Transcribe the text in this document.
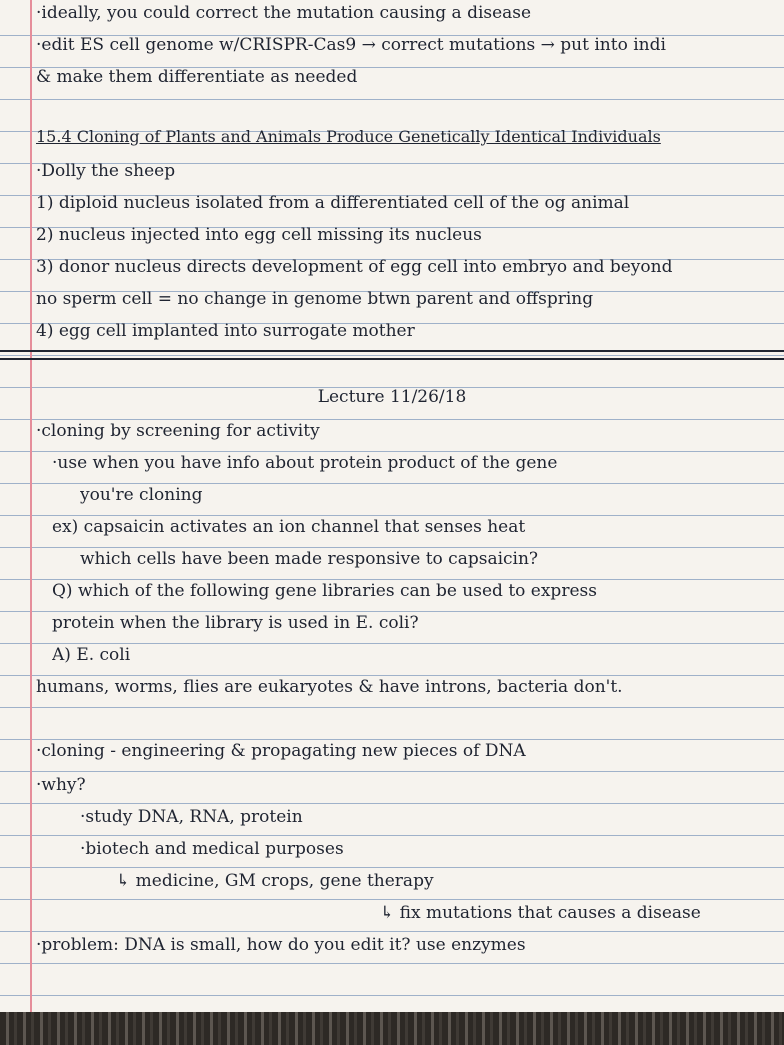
·ideally, you could correct the mutation causing a disease
·edit ES cell genome w/CRISPR-Cas9 → correct mutations → put into indi
& make them differentiate as needed
15.4 Cloning of Plants and Animals Produce Genetically Identical Individuals
·Dolly the sheep
1) diploid nucleus isolated from a differentiated cell of the og animal
2) nucleus injected into egg cell missing its nucleus
3) donor nucleus directs development of egg cell into embryo and beyond
no sperm cell = no change in genome btwn parent and offspring
4) egg cell implanted into surrogate mother
Lecture 11/26/18
·cloning by screening for activity
·use when you have info about protein product of the gene
you're cloning
ex) capsaicin activates an ion channel that senses heat
which cells have been made responsive to capsaicin?
Q) which of the following gene libraries can be used to express
protein when the library is used in E. coli?
A) E. coli
humans, worms, flies are eukaryotes & have introns, bacteria don't.
·cloning - engineering & propagating new pieces of DNA
·why?
·study DNA, RNA, protein
·biotech and medical purposes
↳ medicine, GM crops, gene therapy
↳ fix mutations that causes a disease
·problem: DNA is small, how do you edit it? use enzymes
